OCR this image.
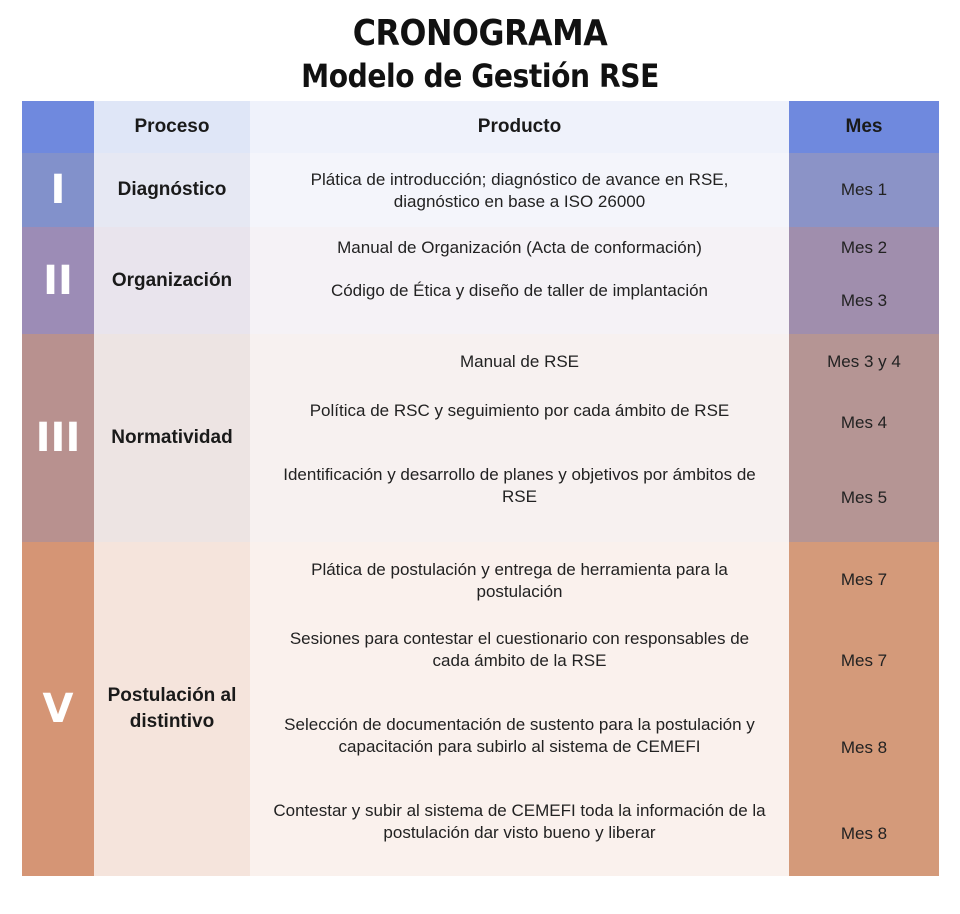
CRONOGRAMA
Modelo de Gestión RSE
I
II
III
V
Proceso
Diagnóstico
Organización
Normatividad
Postulación al distintivo
Producto
Plática de introducción; diagnóstico de avance en RSE, diagnóstico en base a ISO 26000
Manual de Organización (Acta de conformación)
Código de Ética y diseño de taller de implantación
Manual de RSE
Política de RSC y seguimiento por cada ámbito de RSE
Identificación y desarrollo de planes y objetivos por ámbitos de RSE
Plática de postulación y entrega de herramienta para la postulación
Sesiones para contestar el cuestionario con responsables de cada ámbito de la RSE
Selección de documentación de sustento para la postulación y capacitación para subirlo al sistema de CEMEFI
Contestar y subir al sistema de CEMEFI toda la información de la postulación dar visto bueno y liberar
Mes
Mes 1
Mes 2
Mes 3
Mes 3 y 4
Mes 4
Mes 5
Mes 7
Mes 7
Mes 8
Mes 8
